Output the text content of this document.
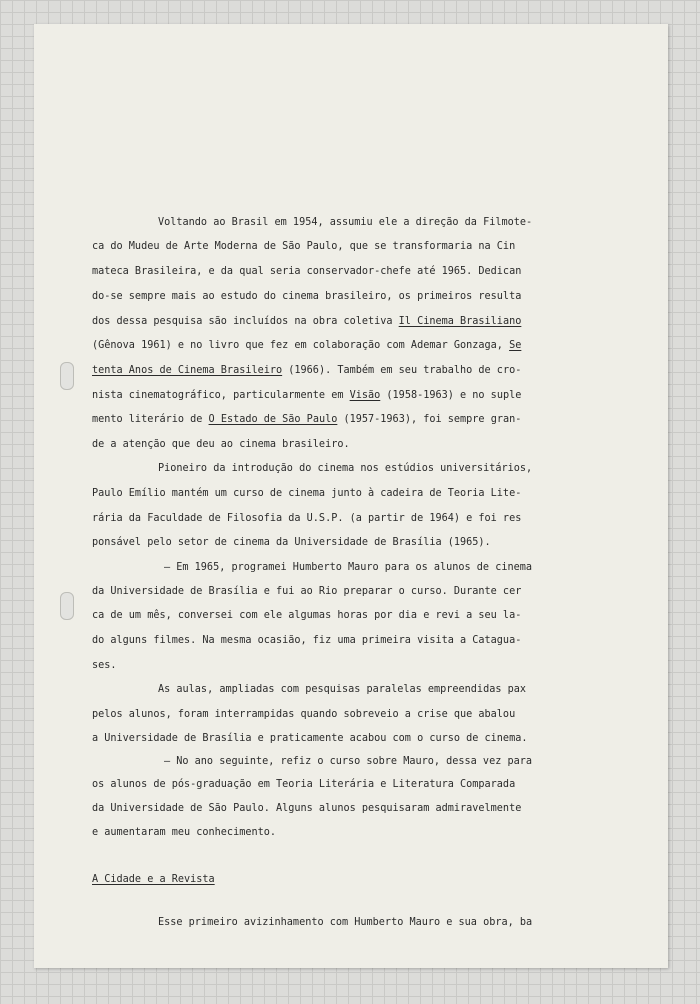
Voltando ao Brasil em 1954, assumiu ele a direção da Filmote-

ca do Mudeu de Arte Moderna de São Paulo, que se transformaria na Cin

mateca Brasileira, e da qual seria conservador-chefe até 1965. Dedican

do-se sempre mais ao estudo do cinema brasileiro, os primeiros resulta

dos dessa pesquisa são incluídos na obra coletiva Il Cinema Brasiliano

(Gênova 1961) e no livro que fez em colaboração com Ademar Gonzaga, Se

tenta Anos de Cinema Brasileiro (1966). Também em seu trabalho de cro-

nista cinematográfico, particularmente em Visão (1958-1963) e no suple

mento literário de O Estado de São Paulo (1957-1963), foi sempre gran-

de a atenção que deu ao cinema brasileiro.

Pioneiro da introdução do cinema nos estúdios universitários,

Paulo Emílio mantém um curso de cinema junto à cadeira de Teoria Lite-

rária da Faculdade de Filosofia da U.S.P. (a partir de 1964) e foi res

ponsável pelo setor de cinema da Universidade de Brasília (1965).

— Em 1965, programei Humberto Mauro para os alunos de cinema

da Universidade de Brasília e fui ao Rio preparar o curso. Durante cer

ca de um mês, conversei com ele algumas horas por dia e revi a seu la-

do alguns filmes. Na mesma ocasião, fiz uma primeira visita a Catagua-

ses.

As aulas, ampliadas com pesquisas paralelas empreendidas pax

pelos alunos, foram interrampidas quando sobreveio a crise que abalou

a Universidade de Brasília e praticamente acabou com o curso de cinema.

— No ano seguinte, refiz o curso sobre Mauro, dessa vez para

os alunos de pós-graduação em Teoria Literária e Literatura Comparada

da Universidade de São Paulo. Alguns alunos pesquisaram admiravelmente

e aumentaram meu conhecimento.

A Cidade e a Revista

Esse primeiro avizinhamento com Humberto Mauro e sua obra, ba
